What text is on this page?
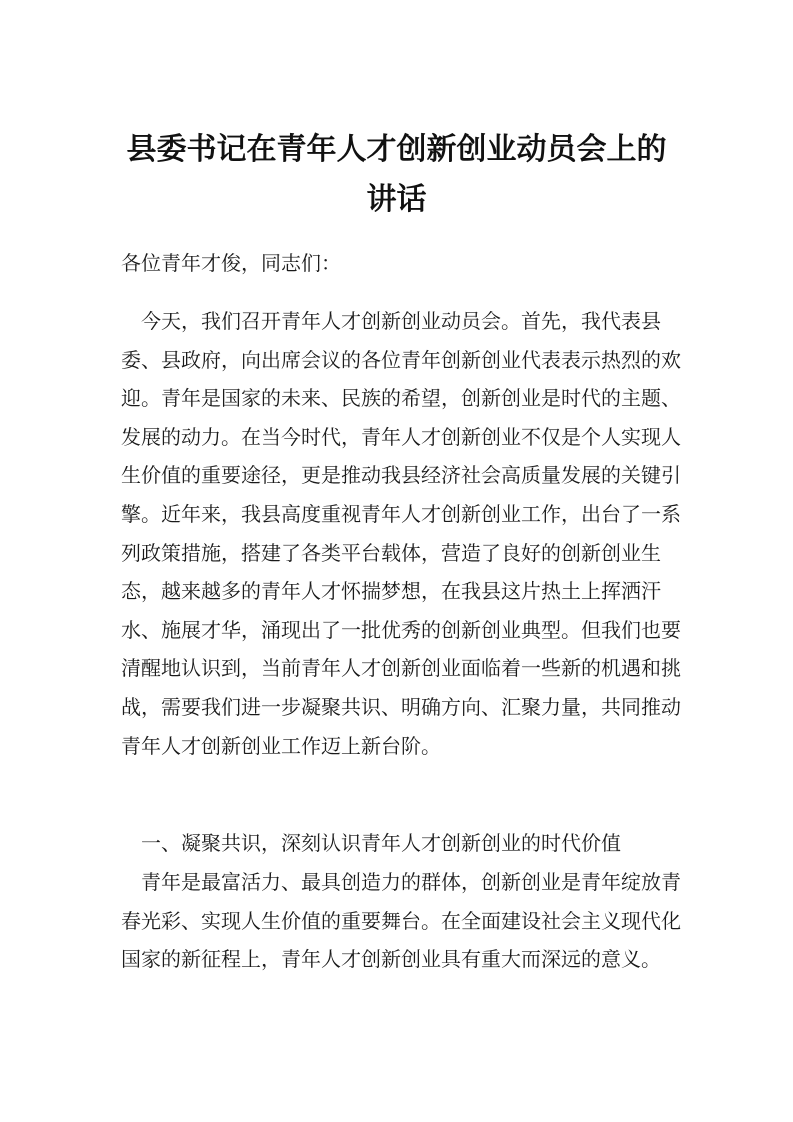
县委书记在青年人才创新创业动员会上的
讲话

各位青年才俊，同志们：

今天，我们召开青年人才创新创业动员会。首先，我代表县委、县政府，向出席会议的各位青年创新创业代表表示热烈的欢迎。青年是国家的未来、民族的希望，创新创业是时代的主题、发展的动力。在当今时代，青年人才创新创业不仅是个人实现人生价值的重要途径，更是推动我县经济社会高质量发展的关键引擎。近年来，我县高度重视青年人才创新创业工作，出台了一系列政策措施，搭建了各类平台载体，营造了良好的创新创业生态，越来越多的青年人才怀揣梦想，在我县这片热土上挥洒汗水、施展才华，涌现出了一批优秀的创新创业典型。但我们也要清醒地认识到，当前青年人才创新创业面临着一些新的机遇和挑战，需要我们进一步凝聚共识、明确方向、汇聚力量，共同推动青年人才创新创业工作迈上新台阶。

一、凝聚共识，深刻认识青年人才创新创业的时代价值

青年是最富活力、最具创造力的群体，创新创业是青年绽放青春光彩、实现人生价值的重要舞台。在全面建设社会主义现代化国家的新征程上，青年人才创新创业具有重大而深远的意义。
